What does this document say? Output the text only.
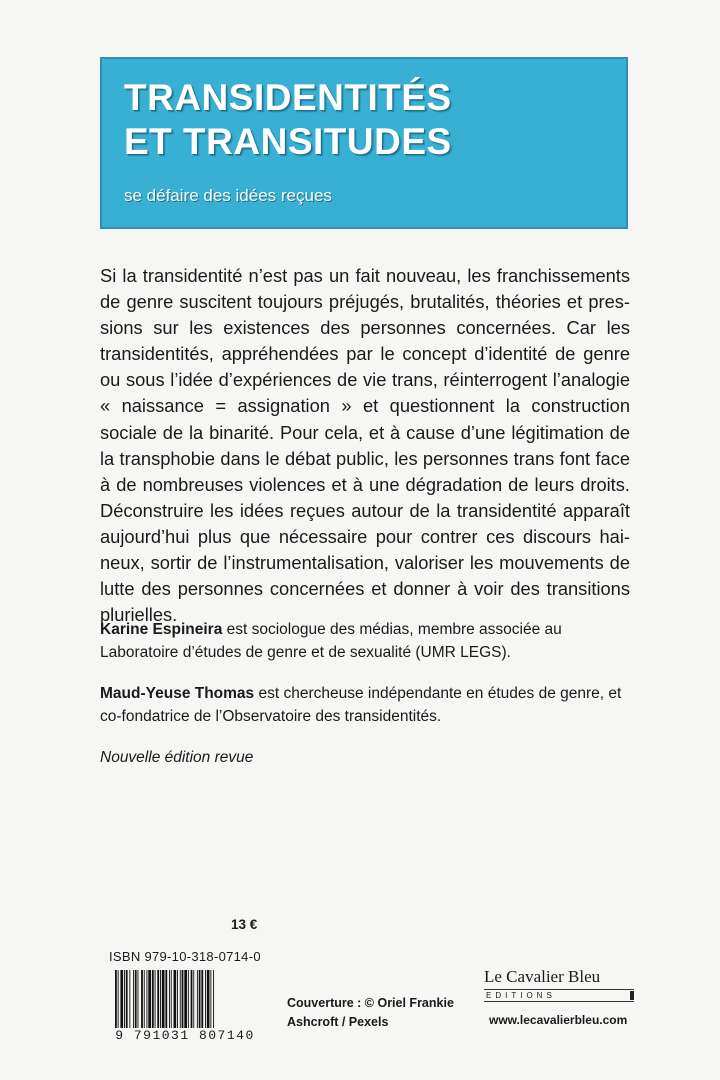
TRANSIDENTITÉS
ET TRANSITUDES

se défaire des idées reçues

Si la transidentité n’est pas un fait nouveau, les franchissements de genre suscitent toujours préjugés, brutalités, théories et pressions sur les existences des personnes concernées. Car les transidentités, appréhendées par le concept d’identité de genre ou sous l’idée d’expériences de vie trans, réinterrogent l’analogie « naissance = assignation » et questionnent la construction sociale de la binarité. Pour cela, et à cause d’une légitimation de la transphobie dans le débat public, les personnes trans font face à de nombreuses violences et à une dégradation de leurs droits. Déconstruire les idées reçues autour de la transidentité apparaît aujourd’hui plus que nécessaire pour contrer ces discours haineux, sortir de l’instrumentalisation, valoriser les mouvements de lutte des personnes concernées et donner à voir des transitions plurielles.

Karine Espineira est sociologue des médias, membre associée au Laboratoire d’études de genre et de sexualité (UMR LEGS).

Maud-Yeuse Thomas est chercheuse indépendante en études de genre, et co-fondatrice de l’Observatoire des transidentités.

Nouvelle édition revue

13 €
ISBN 979-10-318-0714-0
9 791031 807140

Couverture : © Oriel Frankie
Ashcroft / Pexels

Le Cavalier Bleu
EDITIONS
www.lecavalierbleu.com
